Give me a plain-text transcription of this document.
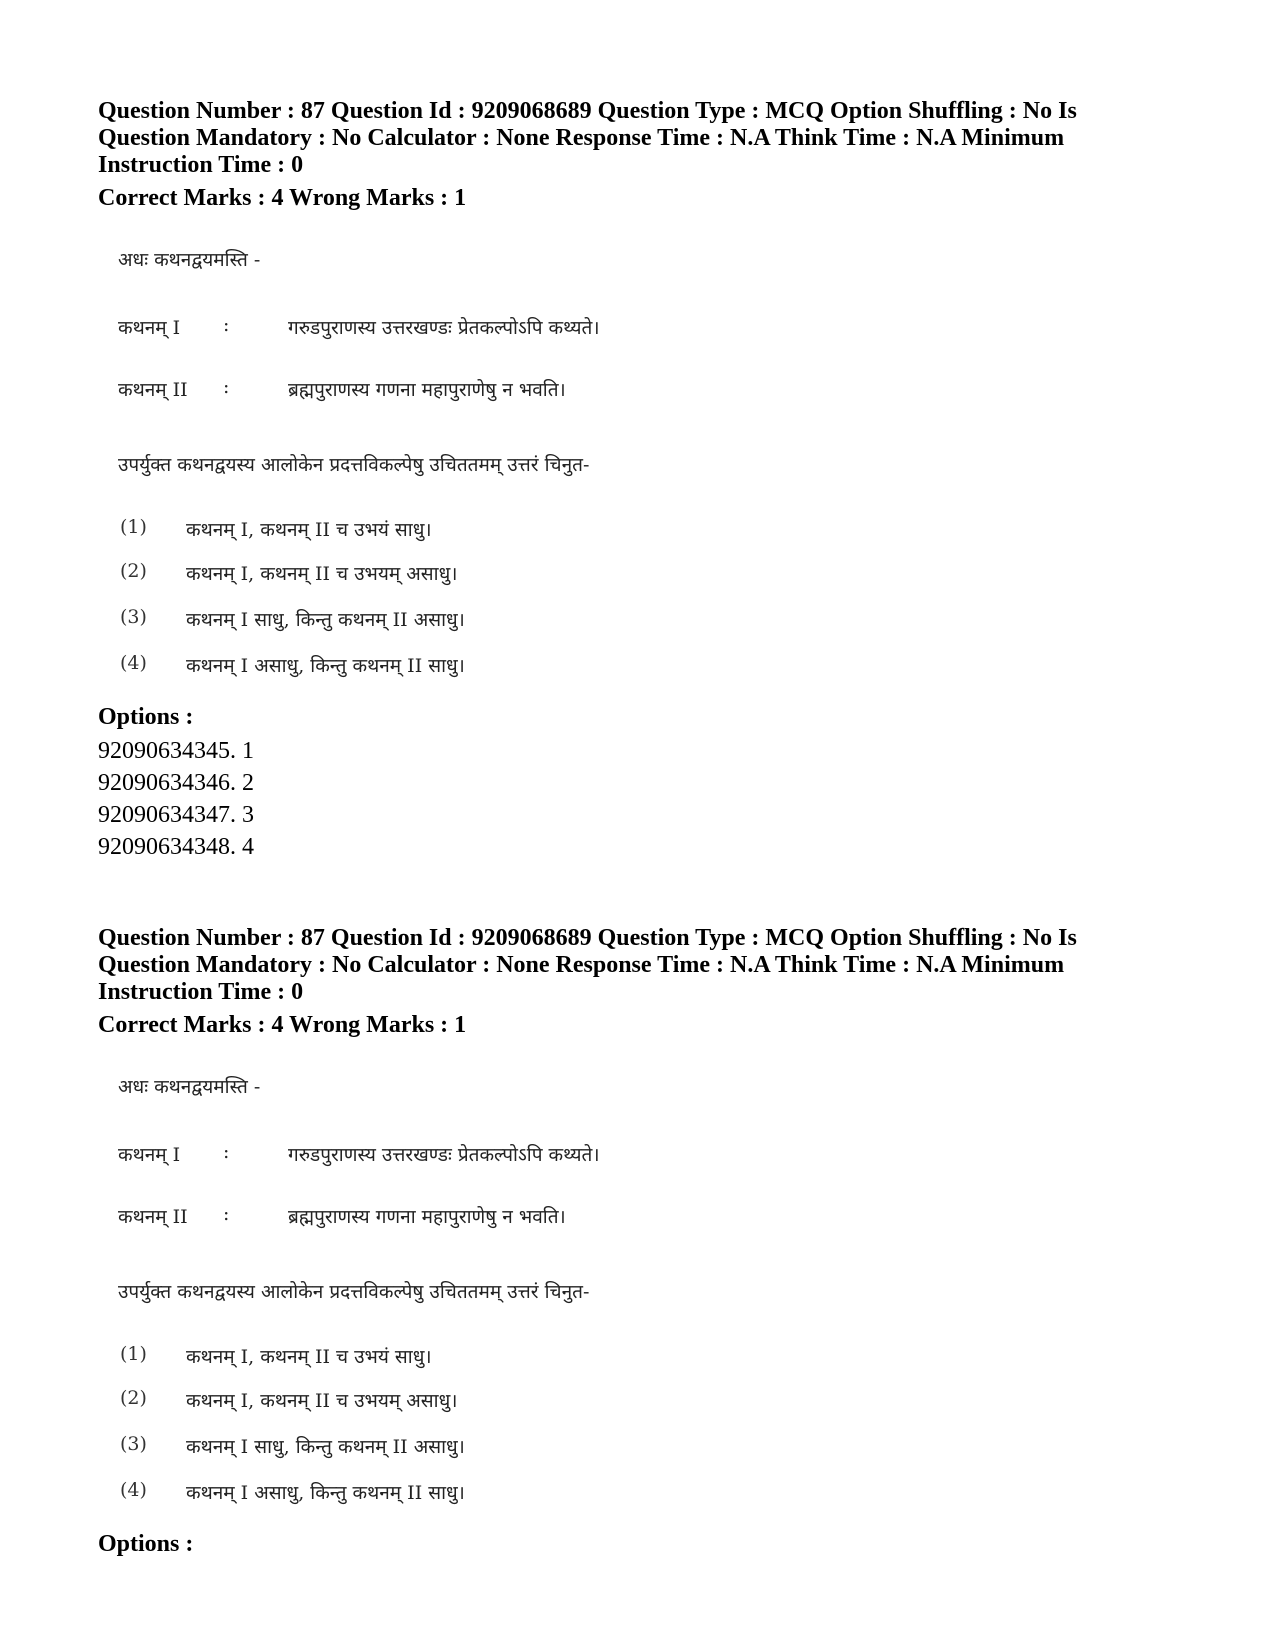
Question Number : 87 Question Id : 9209068689 Question Type : MCQ Option Shuffling : No Is Question Mandatory : No Calculator : None Response Time : N.A Think Time : N.A Minimum Instruction Time : 0
Correct Marks : 4 Wrong Marks : 1
अधः कथनद्वयमस्ति -
कथनम् I :	गरुडपुराणस्य उत्तरखण्डः प्रेतकल्पोऽपि कथ्यते।
कथनम् II :	ब्रह्मपुराणस्य गणना महापुराणेषु न भवति।
उपर्युक्त कथनद्वयस्य आलोकेन प्रदत्तविकल्पेषु उचिततमम् उत्तरं चिनुत-
(1) कथनम् I, कथनम् II च उभयं साधु।
(2) कथनम् I, कथनम् II च उभयम् असाधु।
(3) कथनम् I साधु, किन्तु कथनम् II असाधु।
(4) कथनम् I असाधु, किन्तु कथनम् II साधु।
Options :
92090634345. 1
92090634346. 2
92090634347. 3
92090634348. 4
Question Number : 87 Question Id : 9209068689 Question Type : MCQ Option Shuffling : No Is Question Mandatory : No Calculator : None Response Time : N.A Think Time : N.A Minimum Instruction Time : 0
Correct Marks : 4 Wrong Marks : 1
अधः कथनद्वयमस्ति -
कथनम् I :	गरुडपुराणस्य उत्तरखण्डः प्रेतकल्पोऽपि कथ्यते।
कथनम् II :	ब्रह्मपुराणस्य गणना महापुराणेषु न भवति।
उपर्युक्त कथनद्वयस्य आलोकेन प्रदत्तविकल्पेषु उचिततमम् उत्तरं चिनुत-
(1) कथनम् I, कथनम् II च उभयं साधु।
(2) कथनम् I, कथनम् II च उभयम् असाधु।
(3) कथनम् I साधु, किन्तु कथनम् II असाधु।
(4) कथनम् I असाधु, किन्तु कथनम् II साधु।
Options :
